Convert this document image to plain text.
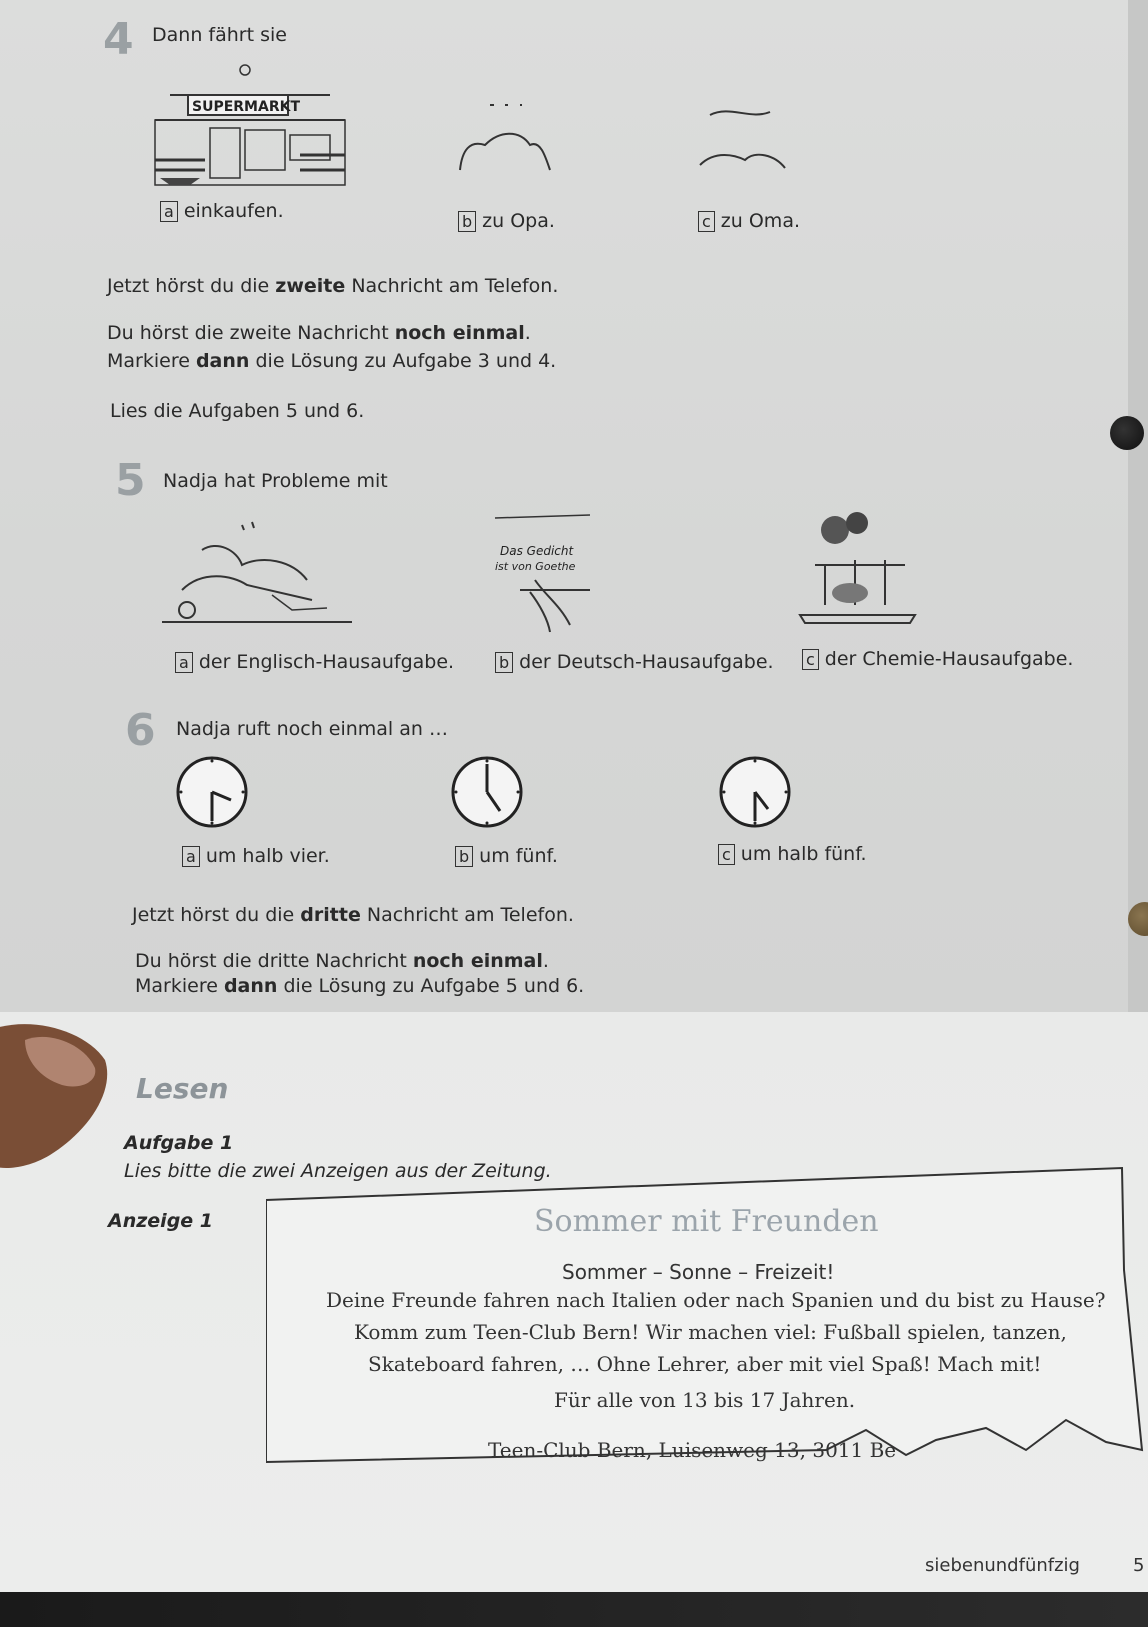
4 Dann fährt sie
SUPERMARKT
a einkaufen.	b zu Opa.	c zu Oma.
Jetzt hörst du die zweite Nachricht am Telefon.
Du hörst die zweite Nachricht noch einmal.
Markiere dann die Lösung zu Aufgabe 3 und 4.
Lies die Aufgaben 5 und 6.
5 Nadja hat Probleme mit
Das Gedicht
ist von Goethe
a der Englisch-Hausaufgabe.	b der Deutsch-Hausaufgabe. c der Chemie-Hausaufgabe.
6 Nadja ruft noch einmal an …
a um halb vier.	b um fünf.	c um halb fünf.
Jetzt hörst du die dritte Nachricht am Telefon.
Du hörst die dritte Nachricht noch einmal.
Markiere dann die Lösung zu Aufgabe 5 und 6.
Lesen
Aufgabe 1
Lies bitte die zwei Anzeigen aus der Zeitung.
Anzeige 1	Sommer mit Freunden
Sommer – Sonne – Freizeit!
Deine Freunde fahren nach Italien oder nach Spanien und du bist zu Hause?
Komm zum Teen-Club Bern! Wir machen viel: Fußball spielen, tanzen,
Skateboard fahren, … Ohne Lehrer, aber mit viel Spaß! Mach mit!
Für alle von 13 bis 17 Jahren.
Teen-Club Bern, Luisenweg 13, 3011 Be
siebenundfünfzig	5
